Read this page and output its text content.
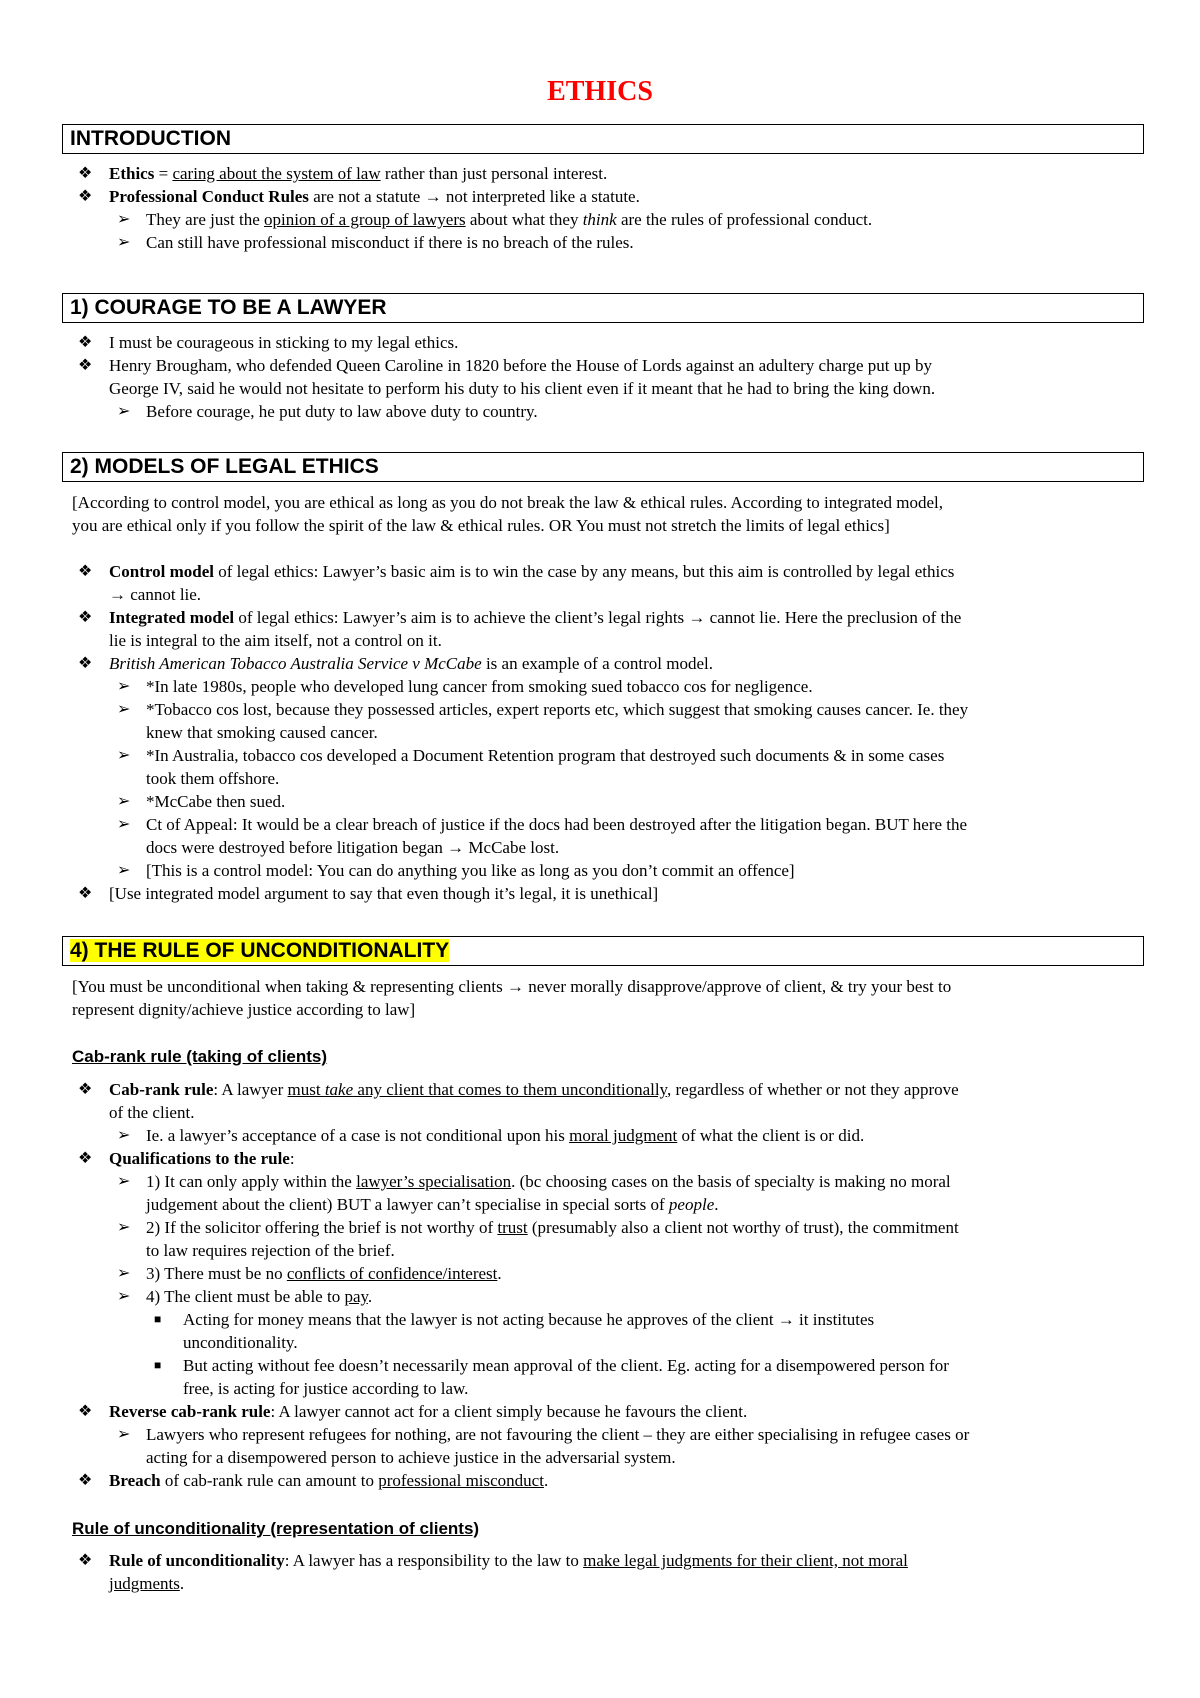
ETHICS
INTRODUCTION
❖ Ethics = caring about the system of law rather than just personal interest.
❖ Professional Conduct Rules are not a statute → not interpreted like a statute.
➢ They are just the opinion of a group of lawyers about what they think are the rules of professional conduct.
➢ Can still have professional misconduct if there is no breach of the rules.
1) COURAGE TO BE A LAWYER
❖ I must be courageous in sticking to my legal ethics.
❖ Henry Brougham, who defended Queen Caroline in 1820 before the House of Lords against an adultery charge put up by
George IV, said he would not hesitate to perform his duty to his client even if it meant that he had to bring the king down.
➢ Before courage, he put duty to law above duty to country.
2) MODELS OF LEGAL ETHICS
[According to control model, you are ethical as long as you do not break the law & ethical rules. According to integrated model,
you are ethical only if you follow the spirit of the law & ethical rules. OR You must not stretch the limits of legal ethics]
❖ Control model of legal ethics: Lawyer’s basic aim is to win the case by any means, but this aim is controlled by legal ethics
→ cannot lie.
❖ Integrated model of legal ethics: Lawyer’s aim is to achieve the client’s legal rights → cannot lie. Here the preclusion of the
lie is integral to the aim itself, not a control on it.
❖ British American Tobacco Australia Service v McCabe is an example of a control model.
➢ *In late 1980s, people who developed lung cancer from smoking sued tobacco cos for negligence.
➢ *Tobacco cos lost, because they possessed articles, expert reports etc, which suggest that smoking causes cancer. Ie. they
knew that smoking caused cancer.
➢ *In Australia, tobacco cos developed a Document Retention program that destroyed such documents & in some cases
took them offshore.
➢ *McCabe then sued.
➢ Ct of Appeal: It would be a clear breach of justice if the docs had been destroyed after the litigation began. BUT here the
docs were destroyed before litigation began → McCabe lost.
➢ [This is a control model: You can do anything you like as long as you don’t commit an offence]
❖ [Use integrated model argument to say that even though it’s legal, it is unethical]
4) THE RULE OF UNCONDITIONALITY
[You must be unconditional when taking & representing clients → never morally disapprove/approve of client, & try your best to
represent dignity/achieve justice according to law]
Cab-rank rule (taking of clients)
❖ Cab-rank rule: A lawyer must take any client that comes to them unconditionally, regardless of whether or not they approve
of the client.
➢ Ie. a lawyer’s acceptance of a case is not conditional upon his moral judgment of what the client is or did.
❖ Qualifications to the rule:
➢ 1) It can only apply within the lawyer’s specialisation. (bc choosing cases on the basis of specialty is making no moral
judgement about the client) BUT a lawyer can’t specialise in special sorts of people.
➢ 2) If the solicitor offering the brief is not worthy of trust (presumably also a client not worthy of trust), the commitment
to law requires rejection of the brief.
➢ 3) There must be no conflicts of confidence/interest.
➢ 4) The client must be able to pay.
■ Acting for money means that the lawyer is not acting because he approves of the client → it institutes
unconditionality.
■ But acting without fee doesn’t necessarily mean approval of the client. Eg. acting for a disempowered person for
free, is acting for justice according to law.
❖ Reverse cab-rank rule: A lawyer cannot act for a client simply because he favours the client.
➢ Lawyers who represent refugees for nothing, are not favouring the client – they are either specialising in refugee cases or
acting for a disempowered person to achieve justice in the adversarial system.
❖ Breach of cab-rank rule can amount to professional misconduct.
Rule of unconditionality (representation of clients)
❖ Rule of unconditionality: A lawyer has a responsibility to the law to make legal judgments for their client, not moral
judgments.
